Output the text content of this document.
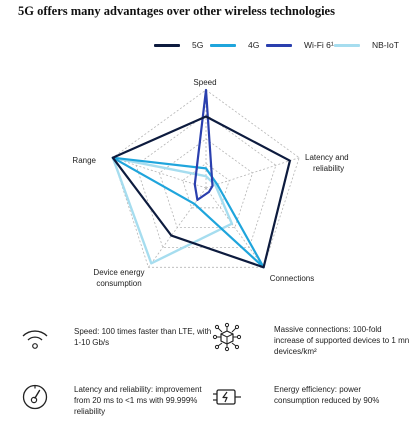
5G offers many advantages over other wireless technologies
5G	4G	Wi-Fi 6¹	NB-IoT
Speed
Latency and
reliability
Connections
Device energy
consumption
Range
Speed: 100 times faster than LTE, with 1-10 Gb/s
Massive connections: 100-fold increase of supported devices to 1 mn devices/km²
Latency and reliability: improvement from 20 ms to <1 ms with 99.999% reliability
Energy efficiency: power consumption reduced by 90%
